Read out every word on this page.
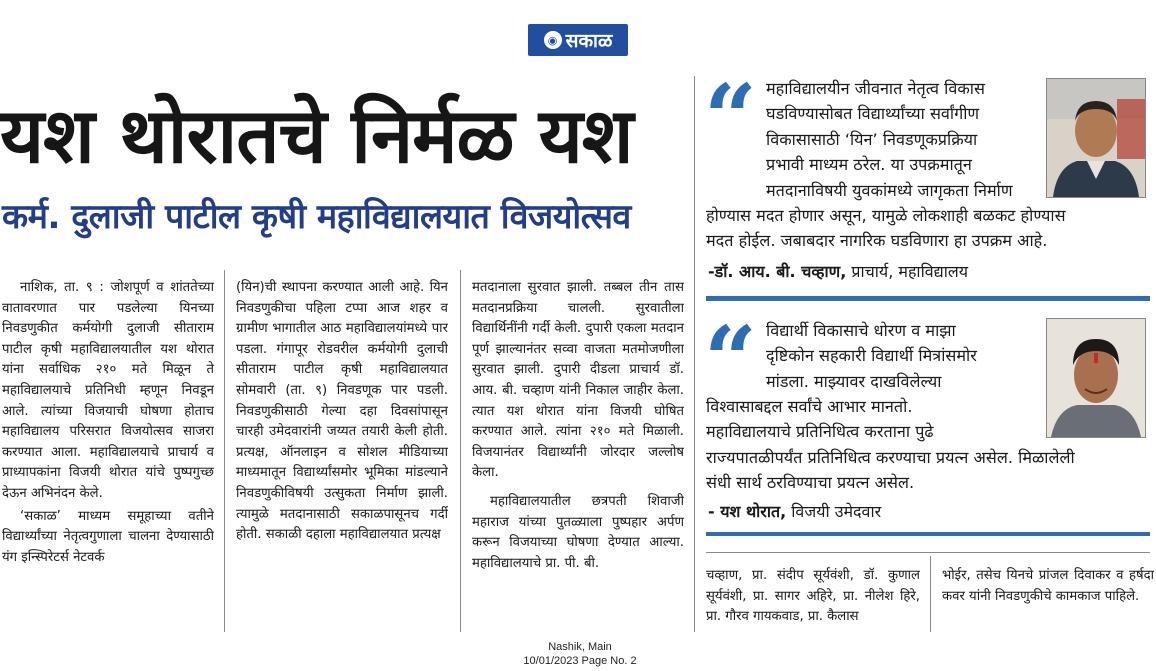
◉ सकाळ
यश थोरातचे निर्मळ यश
कर्म. दुलाजी पाटील कृषी महाविद्यालयात विजयोत्सव

नाशिक, ता. ९ : जोशपूर्ण व शांततेच्या वातावरणात पार पडलेल्या यिनच्या निवडणुकीत कर्मयोगी दुलाजी सीताराम पाटील कृषी महाविद्यालयातील यश थोरात यांना सर्वाधिक २१० मते मिळून ते महाविद्यालयाचे प्रतिनिधी म्हणून निवडून आले. त्यांच्या विजयाची घोषणा होताच महाविद्यालय परिसरात विजयोत्सव साजरा करण्यात आला. महाविद्यालयाचे प्राचार्य व प्राध्यापकांना विजयी थोरात यांचे पुष्पगुच्छ देऊन अभिनंदन केले.

‘सकाळ’ माध्यम समूहाच्या वतीने विद्यार्थ्यांच्या नेतृत्वगुणाला चालना देण्यासाठी यंग इन्स्पिरेटर्स नेटवर्क

(यिन)ची स्थापना करण्यात आली आहे. यिन निवडणुकीचा पहिला टप्पा आज शहर व ग्रामीण भागातील आठ महाविद्यालयांमध्ये पार पडला. गंगापूर रोडवरील कर्मयोगी दुलाची सीताराम पाटील कृषी महाविद्यालयात सोमवारी (ता. ९) निवडणूक पार पडली. निवडणुकीसाठी गेल्या दहा दिवसांपासून चारही उमेदवारांनी जय्यत तयारी केली होती. प्रत्यक्ष, ऑनलाइन व सोशल मीडियाच्या माध्यमातून विद्यार्थ्यांसमोर भूमिका मांडल्याने निवडणुकीविषयी उत्सुकता निर्माण झाली. त्यामुळे मतदानासाठी सकाळपासूनच गर्दी होती. सकाळी दहाला महाविद्यालयात प्रत्यक्ष

मतदानाला सुरवात झाली. तब्बल तीन तास मतदानप्रक्रिया चालली. सुरवातीला विद्यार्थिनींनी गर्दी केली. दुपारी एकला मतदान पूर्ण झाल्यानंतर सव्वा वाजता मतमोजणीला सुरवात झाली. दुपारी दीडला प्राचार्य डॉ. आय. बी. चव्हाण यांनी निकाल जाहीर केला. त्यात यश थोरात यांना विजयी घोषित करण्यात आले. त्यांना २१० मते मिळाली. विजयानंतर विद्यार्थ्यांनी जोरदार जल्लोष केला.

महाविद्यालयातील छत्रपती शिवाजी महाराज यांच्या पुतळ्याला पुष्पहार अर्पण करून विजयाच्या घोषणा देण्यात आल्या. महाविद्यालयाचे प्रा. पी. बी.

चव्हाण, प्रा. संदीप सूर्यवंशी, डॉ. कुणाल सूर्यवंशी, प्रा. सागर अहिरे, प्रा. नीलेश हिरे, प्रा. गौरव गायकवाड, प्रा. कैलास

भोईर, तसेच यिनचे प्रांजल दिवाकर व हर्षदा कवर यांनी निवडणुकीचे कामकाज पाहिले.

“ महाविद्यालयीन जीवनात नेतृत्व विकास
घडविण्यासोबत विद्यार्थ्यांच्या सर्वांगीण
विकासासाठी ‘यिन’ निवडणूकप्रक्रिया
प्रभावी माध्यम ठरेल. या उपक्रमातून
मतदानाविषयी युवकांमध्ये जागृकता निर्माण
होण्यास मदत होणार असून, यामुळे लोकशाही बळकट होण्यास
मदत होईल. जबाबदार नागरिक घडविणारा हा उपक्रम आहे.
-डॉ. आय. बी. चव्हाण, प्राचार्य, महाविद्यालय
“ विद्यार्थी विकासाचे धोरण व माझा
दृष्टिकोन सहकारी विद्यार्थी मित्रांसमोर
मांडला. माझ्यावर दाखविलेल्या
विश्वासाबद्दल सर्वांचे आभार मानतो.
महाविद्यालयाचे प्रतिनिधित्व करताना पुढे
राज्यपातळीपर्यंत प्रतिनिधित्व करण्याचा प्रयत्न असेल. मिळालेली
संधी सार्थ ठरविण्याचा प्रयत्न असेल.
- यश थोरात, विजयी उमेदवार
Nashik, Main
10/01/2023 Page No. 2
